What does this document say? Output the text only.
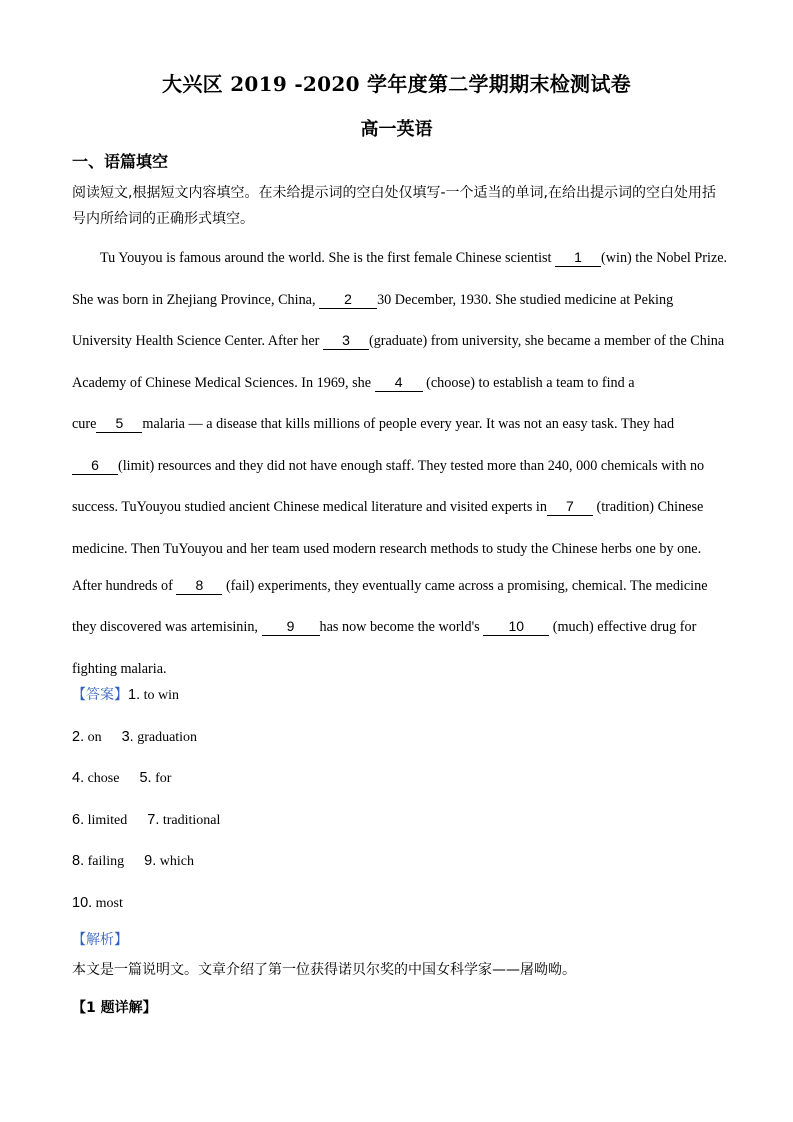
大兴区 2019 -2020 学年度第二学期期末检测试卷
高一英语
一、语篇填空

阅读短文,根据短文内容填空。在未给提示词的空白处仅填写-一个适当的单词,在给出提示词的空白处用括号内所给词的正确形式填空。

Tu Youyou is famous around the world. She is the first female Chinese scientist 1 (win) the Nobel Prize.
She was born in Zhejiang Province, China, 2 30 December, 1930. She studied medicine at Peking
University Health Science Center. After her 3 (graduate) from university, she became a member of the China
Academy of Chinese Medical Sciences. In 1969, she 4 (choose) to establish a team to find a
cure 5 malaria — a disease that kills millions of people every year. It was not an easy task. They had
6 (limit) resources and they did not have enough staff. They tested more than 240, 000 chemicals with no
success. TuYouyou studied ancient Chinese medical literature and visited experts in 7 (tradition) Chinese
medicine. Then TuYouyou and her team used modern research methods to study the Chinese herbs one by one.
After hundreds of 8 (fail) experiments, they eventually came across a promising, chemical. The medicine
they discovered was artemisinin, 9 has now become the world's 10 (much) effective drug for
fighting malaria.
【答案】1. to win
2. on 3. graduation
4. chose 5. for
6. limited 7. traditional
8. failing 9. which
10. most

【解析】

本文是一篇说明文。文章介绍了第一位获得诺贝尔奖的中国女科学家——屠呦呦。

【1 题详解】
